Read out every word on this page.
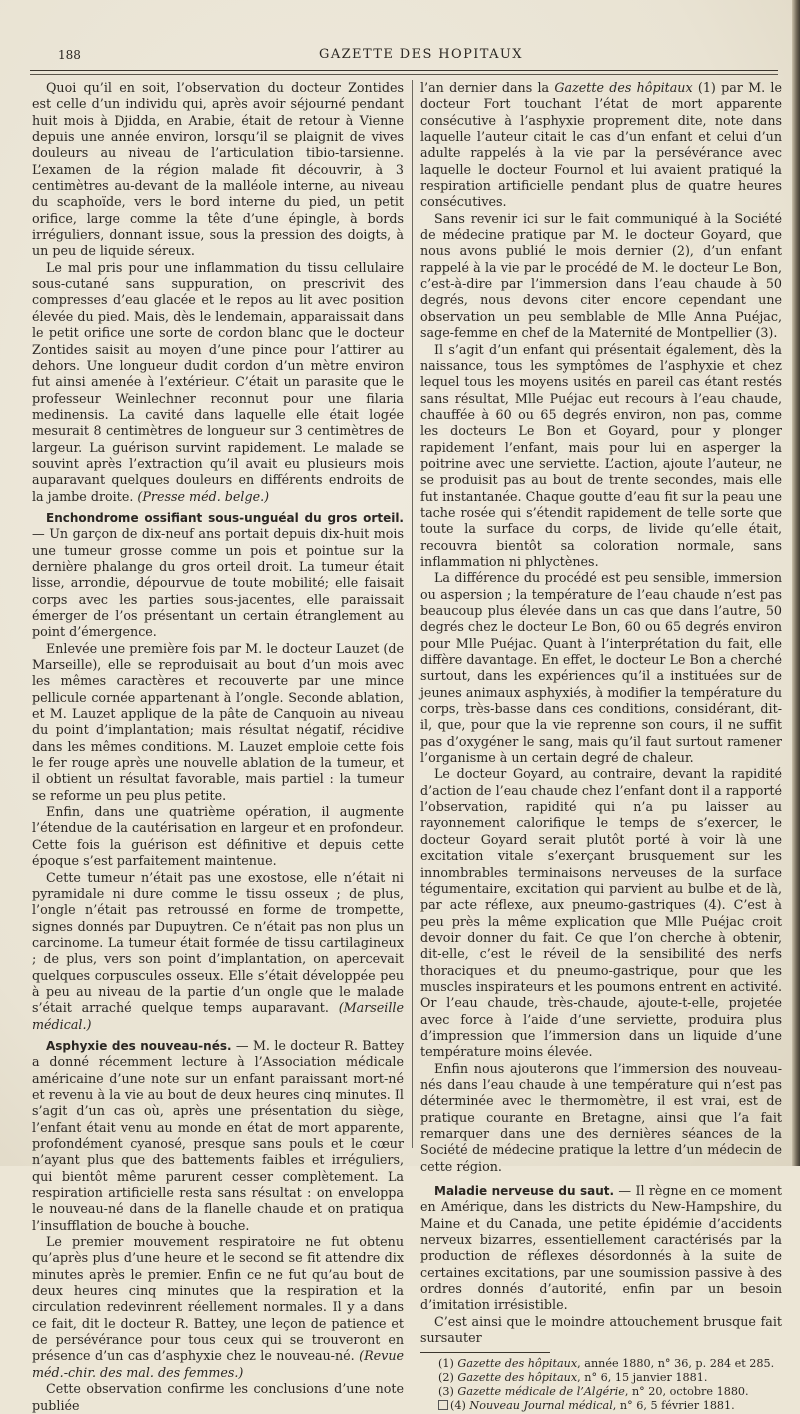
188	GAZETTE DES HOPITAUX

Quoi qu’il en soit, l’observation du docteur Zontides est celle d’un individu qui, après avoir séjourné pendant huit mois à Djidda, en Arabie, était de retour à Vienne depuis une année environ, lorsqu’il se plaignit de vives douleurs au niveau de l’articulation tibio-tarsienne. L’examen de la région malade fit découvrir, à 3 centimètres au-devant de la malléole interne, au niveau du scaphoïde, vers le bord interne du pied, un petit orifice, large comme la tête d’une épingle, à bords irréguliers, donnant issue, sous la pression des doigts, à un peu de liquide séreux.

Le mal pris pour une inflammation du tissu cellulaire sous-cutané sans suppuration, on prescrivit des compresses d’eau glacée et le repos au lit avec position élevée du pied. Mais, dès le lendemain, apparaissait dans le petit orifice une sorte de cordon blanc que le docteur Zontides saisit au moyen d’une pince pour l’attirer au dehors. Une longueur dudit cordon d’un mètre environ fut ainsi amenée à l’extérieur. C’était un parasite que le professeur Weinlechner reconnut pour une filaria medinensis. La cavité dans laquelle elle était logée mesurait 8 centimètres de longueur sur 3 centimètres de largeur. La guérison survint rapidement. Le malade se souvint après l’extraction qu’il avait eu plusieurs mois auparavant quelques douleurs en différents endroits de la jambe droite. (Presse méd. belge.)

Enchondrome ossifiant sous-unguéal du gros orteil. — Un garçon de dix-neuf ans portait depuis dix-huit mois une tumeur grosse comme un pois et pointue sur la dernière phalange du gros orteil droit. La tumeur était lisse, arrondie, dépourvue de toute mobilité; elle faisait corps avec les parties sous-jacentes, elle paraissait émerger de l’os présentant un certain étranglement au point d’émergence.

Enlevée une première fois par M. le docteur Lauzet (de Marseille), elle se reproduisait au bout d’un mois avec les mêmes caractères et recouverte par une mince pellicule cornée appartenant à l’ongle. Seconde ablation, et M. Lauzet applique de la pâte de Canquoin au niveau du point d’implantation; mais résultat négatif, récidive dans les mêmes conditions. M. Lauzet emploie cette fois le fer rouge après une nouvelle ablation de la tumeur, et il obtient un résultat favorable, mais partiel : la tumeur se reforme un peu plus petite.

Enfin, dans une quatrième opération, il augmente l’étendue de la cautérisation en largeur et en profondeur. Cette fois la guérison est définitive et depuis cette époque s’est parfaitement maintenue.

Cette tumeur n’était pas une exostose, elle n’était ni pyramidale ni dure comme le tissu osseux ; de plus, l’ongle n’était pas retroussé en forme de trompette, signes donnés par Dupuytren. Ce n’était pas non plus un carcinome. La tumeur était formée de tissu cartilagineux ; de plus, vers son point d’implantation, on apercevait quelques corpuscules osseux. Elle s’était développée peu à peu au niveau de la partie d’un ongle que le malade s’était arraché quelque temps auparavant. (Marseille médical.)

Asphyxie des nouveau-nés. — M. le docteur R. Battey a donné récemment lecture à l’Association médicale américaine d’une note sur un enfant paraissant mort-né et revenu à la vie au bout de deux heures cinq minutes. Il s’agit d’un cas où, après une présentation du siège, l’enfant était venu au monde en état de mort apparente, profondément cyanosé, presque sans pouls et le cœur n’ayant plus que des battements faibles et irréguliers, qui bientôt même parurent cesser complètement. La respiration artificielle resta sans résultat : on enveloppa le nouveau-né dans de la flanelle chaude et on pratiqua l’insufflation de bouche à bouche.

Le premier mouvement respiratoire ne fut obtenu qu’après plus d’une heure et le second se fit attendre dix minutes après le premier. Enfin ce ne fut qu’au bout de deux heures cinq minutes que la respiration et la circulation redevinrent réellement normales. Il y a dans ce fait, dit le docteur R. Battey, une leçon de patience et de persévérance pour tous ceux qui se trouveront en présence d’un cas d’asphyxie chez le nouveau-né. (Revue méd.-chir. des mal. des femmes.)

Cette observation confirme les conclusions d’une note publiée

l’an dernier dans la Gazette des hôpitaux (1) par M. le docteur Fort touchant l’état de mort apparente consécutive à l’asphyxie proprement dite, note dans laquelle l’auteur citait le cas d’un enfant et celui d’un adulte rappelés à la vie par la persévérance avec laquelle le docteur Fournol et lui avaient pratiqué la respiration artificielle pendant plus de quatre heures consécutives.

Sans revenir ici sur le fait communiqué à la Société de médecine pratique par M. le docteur Goyard, que nous avons publié le mois dernier (2), d’un enfant rappelé à la vie par le procédé de M. le docteur Le Bon, c’est-à-dire par l’immersion dans l’eau chaude à 50 degrés, nous devons citer encore cependant une observation un peu semblable de Mlle Anna Puéjac, sage-femme en chef de la Maternité de Montpellier (3).

Il s’agit d’un enfant qui présentait également, dès la naissance, tous les symptômes de l’asphyxie et chez lequel tous les moyens usités en pareil cas étant restés sans résultat, Mlle Puéjac eut recours à l’eau chaude, chauffée à 60 ou 65 degrés environ, non pas, comme les docteurs Le Bon et Goyard, pour y plonger rapidement l’enfant, mais pour lui en asperger la poitrine avec une serviette. L’action, ajoute l’auteur, ne se produisit pas au bout de trente secondes, mais elle fut instantanée. Chaque goutte d’eau fit sur la peau une tache rosée qui s’étendit rapidement de telle sorte que toute la surface du corps, de livide qu’elle était, recouvra bientôt sa coloration normale, sans inflammation ni phlyctènes.

La différence du procédé est peu sensible, immersion ou aspersion ; la température de l’eau chaude n’est pas beaucoup plus élevée dans un cas que dans l’autre, 50 degrés chez le docteur Le Bon, 60 ou 65 degrés environ pour Mlle Puéjac. Quant à l’interprétation du fait, elle diffère davantage. En effet, le docteur Le Bon a cherché surtout, dans les expériences qu’il a instituées sur de jeunes animaux asphyxiés, à modifier la température du corps, très-basse dans ces conditions, considérant, dit-il, que, pour que la vie reprenne son cours, il ne suffit pas d’oxygéner le sang, mais qu’il faut surtout ramener l’organisme à un certain degré de chaleur.

Le docteur Goyard, au contraire, devant la rapidité d’action de l’eau chaude chez l’enfant dont il a rapporté l’observation, rapidité qui n’a pu laisser au rayonnement calorifique le temps de s’exercer, le docteur Goyard serait plutôt porté à voir là une excitation vitale s’exerçant brusquement sur les innombrables terminaisons nerveuses de la surface tégumentaire, excitation qui parvient au bulbe et de là, par acte réflexe, aux pneumo-gastriques (4). C’est à peu près la même explication que Mlle Puéjac croit devoir donner du fait. Ce que l’on cherche à obtenir, dit-elle, c’est le réveil de la sensibilité des nerfs thoraciques et du pneumo-gastrique, pour que les muscles inspirateurs et les poumons entrent en activité. Or l’eau chaude, très-chaude, ajoute-t-elle, projetée avec force à l’aide d’une serviette, produira plus d’impression que l’immersion dans un liquide d’une température moins élevée.

Enfin nous ajouterons que l’immersion des nouveau-nés dans l’eau chaude à une température qui n’est pas déterminée avec le thermomètre, il est vrai, est de pratique courante en Bretagne, ainsi que l’a fait remarquer dans une des dernières séances de la Société de médecine pratique la lettre d’un médecin de cette région.

Maladie nerveuse du saut. — Il règne en ce moment en Amérique, dans les districts du New-Hampshire, du Maine et du Canada, une petite épidémie d’accidents nerveux bizarres, essentiellement caractérisés par la production de réflexes désordonnés à la suite de certaines excitations, par une soumission passive à des ordres donnés d’autorité, enfin par un besoin d’imitation irrésistible.

C’est ainsi que le moindre attouchement brusque fait sursauter

(1) Gazette des hôpitaux, année 1880, n° 36, p. 284 et 285.

(2) Gazette des hôpitaux, n° 6, 15 janvier 1881.

(3) Gazette médicale de l’Algérie, n° 20, octobre 1880.

(4) Nouveau Journal médical, n° 6, 5 février 1881.
